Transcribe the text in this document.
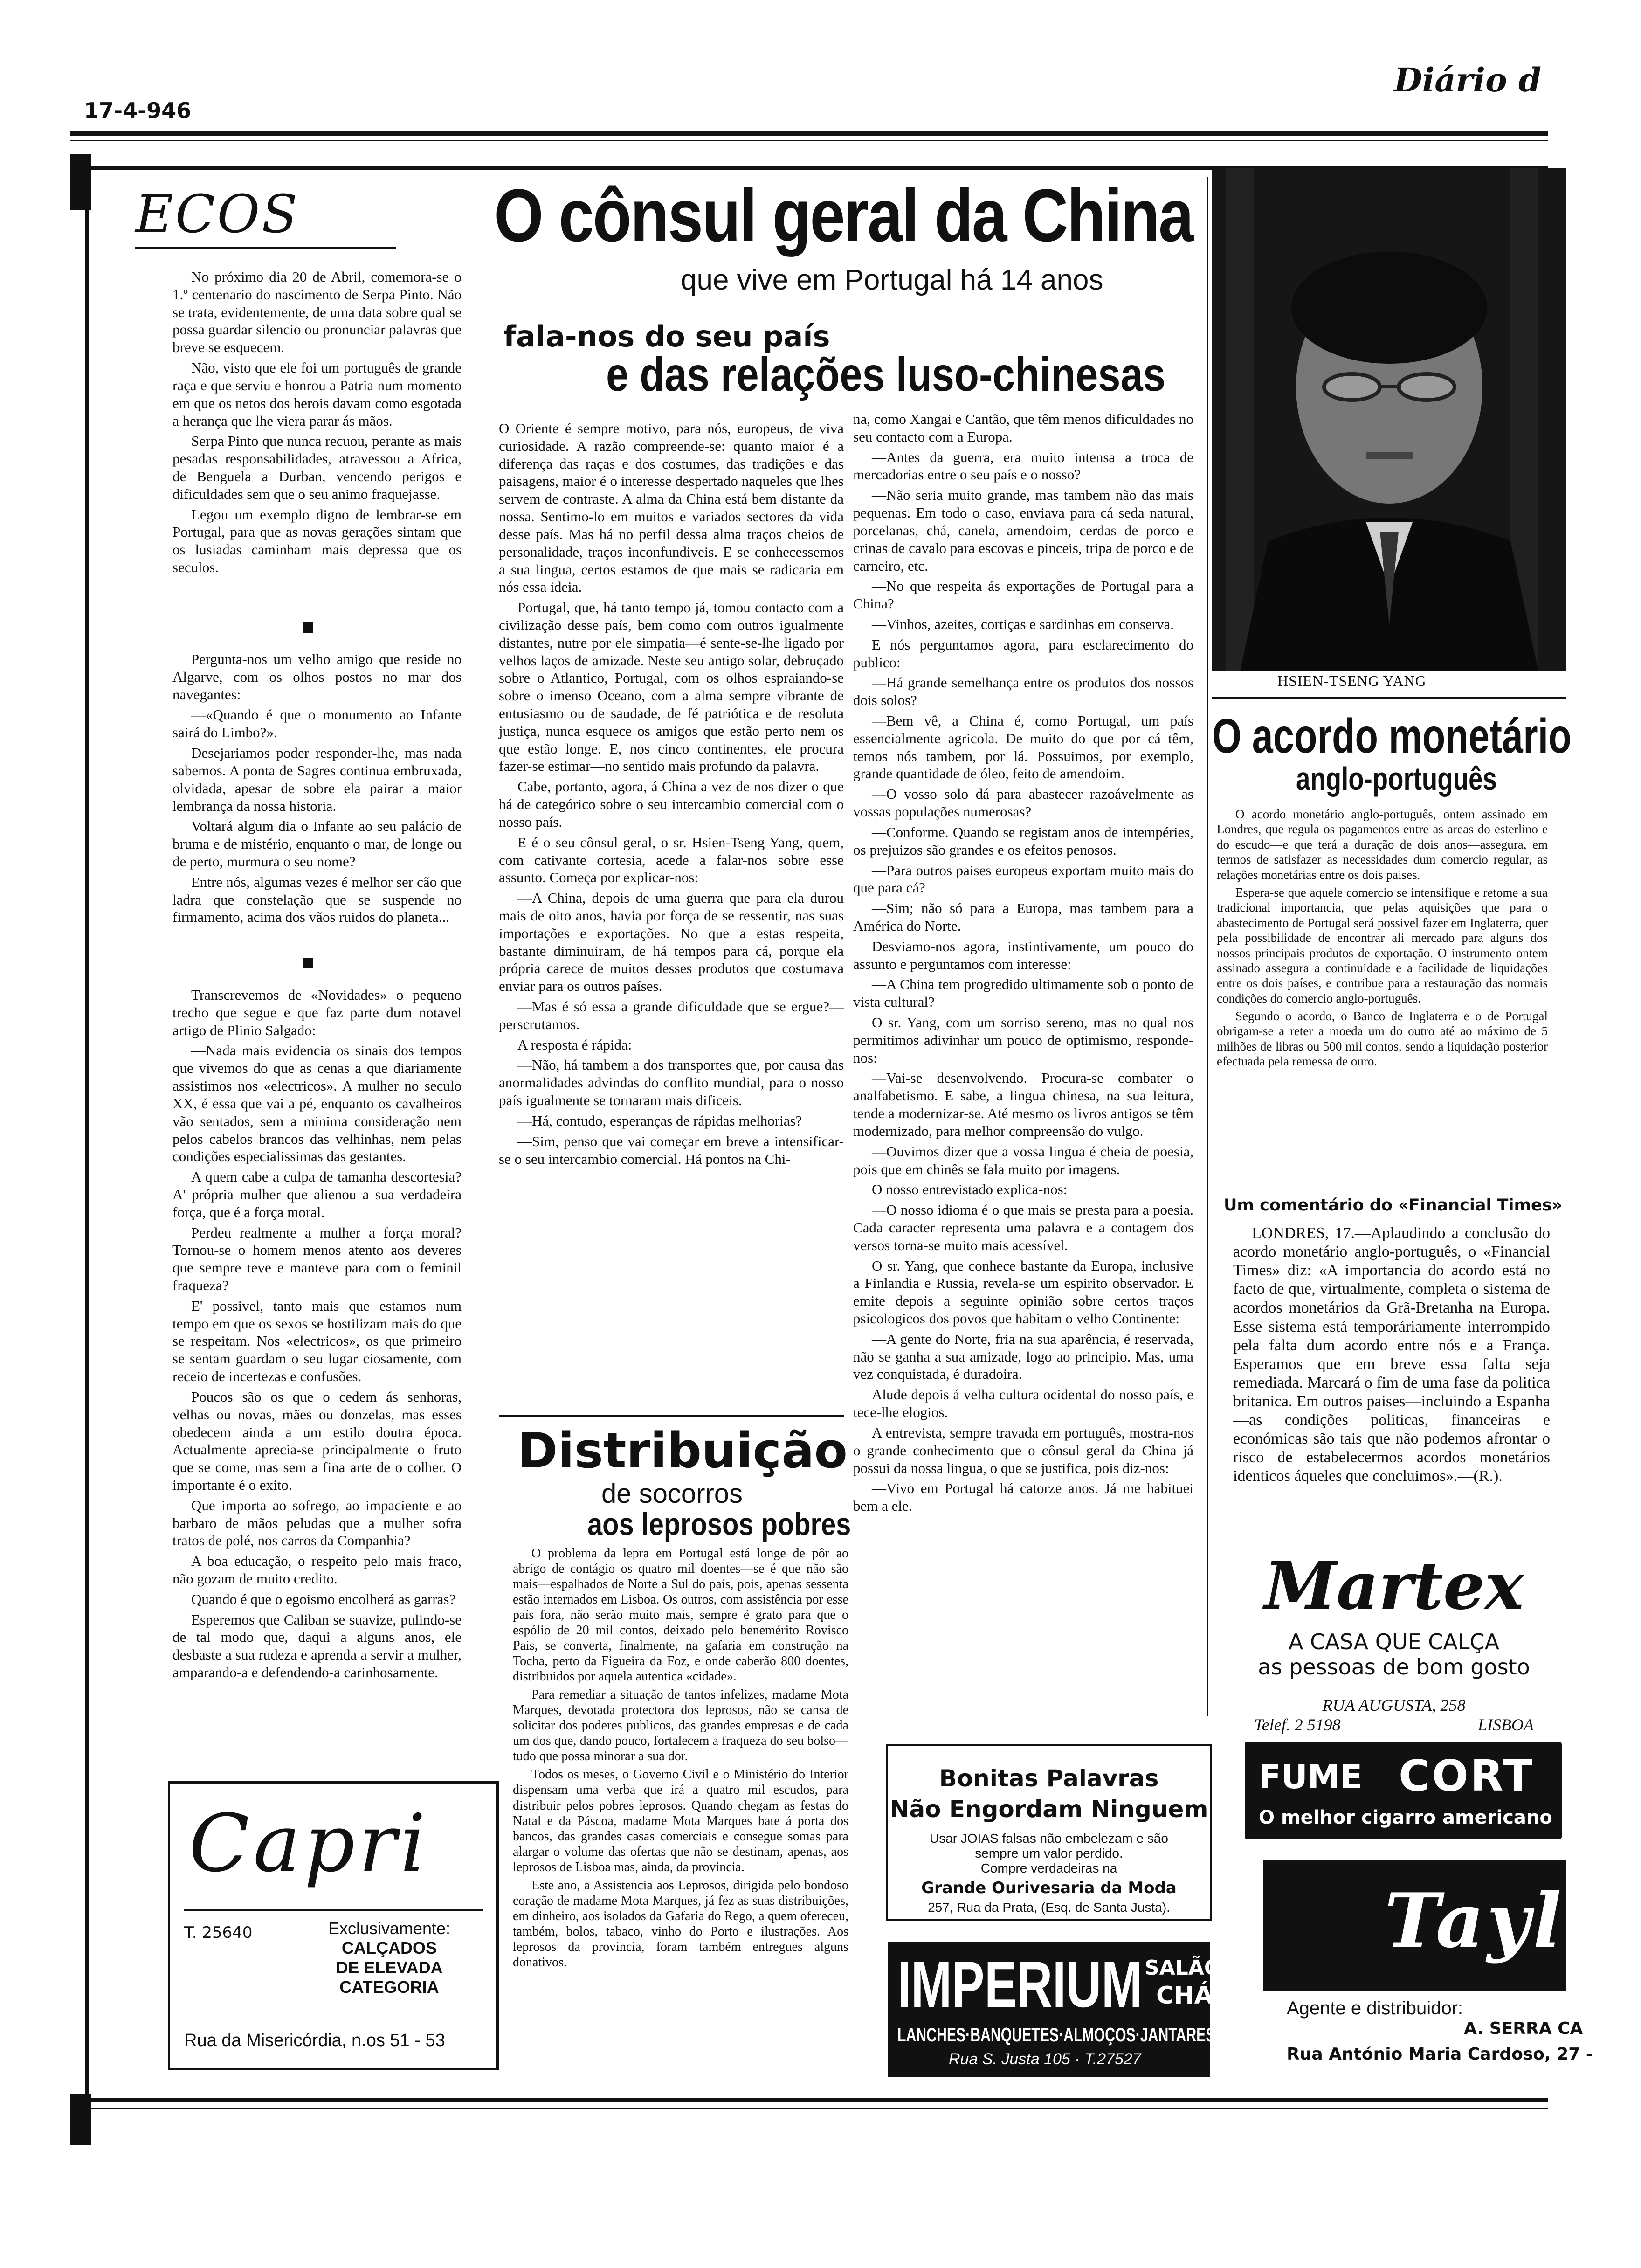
17-4-946
Diário d
ECOS

No próximo dia 20 de Abril, comemora-se o 1.º centenario do nascimento de Serpa Pinto. Não se trata, evidentemente, de uma data sobre qual se possa guardar silencio ou pronunciar palavras que breve se esquecem.

Não, visto que ele foi um português de grande raça e que serviu e honrou a Patria num momento em que os netos dos herois davam como esgotada a herança que lhe viera parar ás mãos.

Serpa Pinto que nunca recuou, perante as mais pesadas responsabilidades, atravessou a Africa, de Benguela a Durban, vencendo perigos e dificuldades sem que o seu animo fraquejasse.

Legou um exemplo digno de lembrar-se em Portugal, para que as novas gerações sintam que os lusiadas caminham mais depressa que os seculos.

Pergunta-nos um velho amigo que reside no Algarve, com os olhos postos no mar dos navegantes:

—«Quando é que o monumento ao Infante sairá do Limbo?».

Desejariamos poder responder-lhe, mas nada sabemos. A ponta de Sagres continua embruxada, olvidada, apesar de sobre ela pairar a maior lembrança da nossa historia.

Voltará algum dia o Infante ao seu palácio de bruma e de mistério, enquanto o mar, de longe ou de perto, murmura o seu nome?

Entre nós, algumas vezes é melhor ser cão que ladra que constelação que se suspende no firmamento, acima dos vãos ruidos do planeta...

Transcrevemos de «Novidades» o pequeno trecho que segue e que faz parte dum notavel artigo de Plinio Salgado:

—Nada mais evidencia os sinais dos tempos que vivemos do que as cenas a que diariamente assistimos nos «electricos». A mulher no seculo XX, é essa que vai a pé, enquanto os cavalheiros vão sentados, sem a minima consideração nem pelos cabelos brancos das velhinhas, nem pelas condições especialissimas das gestantes.

A quem cabe a culpa de tamanha descortesia? A' própria mulher que alienou a sua verdadeira força, que é a força moral.

Perdeu realmente a mulher a força moral? Tornou-se o homem menos atento aos deveres que sempre teve e manteve para com o feminil fraqueza?

E' possivel, tanto mais que estamos num tempo em que os sexos se hostilizam mais do que se respeitam. Nos «electricos», os que primeiro se sentam guardam o seu lugar ciosamente, com receio de incertezas e confusões.

Poucos são os que o cedem ás senhoras, velhas ou novas, mães ou donzelas, mas esses obedecem ainda a um estilo doutra época. Actualmente aprecia-se principalmente o fruto que se come, mas sem a fina arte de o colher. O importante é o exito.

Que importa ao sofrego, ao impaciente e ao barbaro de mãos peludas que a mulher sofra tratos de polé, nos carros da Companhia?

A boa educação, o respeito pelo mais fraco, não gozam de muito credito.

Quando é que o egoismo encolherá as garras?

Esperemos que Caliban se suavize, pulindo-se de tal modo que, daqui a alguns anos, ele desbaste a sua rudeza e aprenda a servir a mulher, amparando-a e defendendo-a carinhosamente.

Capri
T. 25640	Exclusivamente:
CALÇADOS
DE ELEVADA
CATEGORIA
Rua da Misericórdia, n.os 51 - 53
O cônsul geral da China
que vive em Portugal há 14 anos
fala-nos do seu país
e das relações luso-chinesas

O Oriente é sempre motivo, para nós, europeus, de viva curiosidade. A razão compreende-se: quanto maior é a diferença das raças e dos costumes, das tradições e das paisagens, maior é o interesse despertado naqueles que lhes servem de contraste. A alma da China está bem distante da nossa. Sentimo-lo em muitos e variados sectores da vida desse país. Mas há no perfil dessa alma traços cheios de personalidade, traços inconfundiveis. E se conhecessemos a sua lingua, certos estamos de que mais se radicaria em nós essa ideia.

Portugal, que, há tanto tempo já, tomou contacto com a civilização desse país, bem como com outros igualmente distantes, nutre por ele simpatia—é sente-se-lhe ligado por velhos laços de amizade. Neste seu antigo solar, debruçado sobre o Atlantico, Portugal, com os olhos espraiando-se sobre o imenso Oceano, com a alma sempre vibrante de entusiasmo ou de saudade, de fé patriótica e de resoluta justiça, nunca esquece os amigos que estão perto nem os que estão longe. E, nos cinco continentes, ele procura fazer-se estimar—no sentido mais profundo da palavra.

Cabe, portanto, agora, á China a vez de nos dizer o que há de categórico sobre o seu intercambio comercial com o nosso país.

E é o seu cônsul geral, o sr. Hsien-Tseng Yang, quem, com cativante cortesia, acede a falar-nos sobre esse assunto. Começa por explicar-nos:

—A China, depois de uma guerra que para ela durou mais de oito anos, havia por força de se ressentir, nas suas importações e exportações. No que a estas respeita, bastante diminuiram, de há tempos para cá, porque ela própria carece de muitos desses produtos que costumava enviar para os outros países.

—Mas é só essa a grande dificuldade que se ergue?—perscrutamos.

A resposta é rápida:

—Não, há tambem a dos transportes que, por causa das anormalidades advindas do conflito mundial, para o nosso país igualmente se tornaram mais dificeis.

—Há, contudo, esperanças de rápidas melhorias?

—Sim, penso que vai começar em breve a intensificar-se o seu intercambio comercial. Há pontos na Chi-

na, como Xangai e Cantão, que têm menos dificuldades no seu contacto com a Europa.

—Antes da guerra, era muito intensa a troca de mercadorias entre o seu país e o nosso?

—Não seria muito grande, mas tambem não das mais pequenas. Em todo o caso, enviava para cá seda natural, porcelanas, chá, canela, amendoim, cerdas de porco e crinas de cavalo para escovas e pinceis, tripa de porco e de carneiro, etc.

—No que respeita ás exportações de Portugal para a China?

—Vinhos, azeites, cortiças e sardinhas em conserva.

E nós perguntamos agora, para esclarecimento do publico:

—Há grande semelhança entre os produtos dos nossos dois solos?

—Bem vê, a China é, como Portugal, um país essencialmente agricola. De muito do que por cá têm, temos nós tambem, por lá. Possuimos, por exemplo, grande quantidade de óleo, feito de amendoim.

—O vosso solo dá para abastecer razoávelmente as vossas populações numerosas?

—Conforme. Quando se registam anos de intempéries, os prejuizos são grandes e os efeitos penosos.

—Para outros paises europeus exportam muito mais do que para cá?

—Sim; não só para a Europa, mas tambem para a América do Norte.

Desviamo-nos agora, instintivamente, um pouco do assunto e perguntamos com interesse:

—A China tem progredido ultimamente sob o ponto de vista cultural?

O sr. Yang, com um sorriso sereno, mas no qual nos permitimos adivinhar um pouco de optimismo, responde-nos:

—Vai-se desenvolvendo. Procura-se combater o analfabetismo. E sabe, a lingua chinesa, na sua leitura, tende a modernizar-se. Até mesmo os livros antigos se têm modernizado, para melhor compreensão do vulgo.

—Ouvimos dizer que a vossa lingua é cheia de poesia, pois que em chinês se fala muito por imagens.

O nosso entrevistado explica-nos:

—O nosso idioma é o que mais se presta para a poesia. Cada caracter representa uma palavra e a contagem dos versos torna-se muito mais acessível.

O sr. Yang, que conhece bastante da Europa, inclusive a Finlandia e Russia, revela-se um espirito observador. E emite depois a seguinte opinião sobre certos traços psicologicos dos povos que habitam o velho Continente:

—A gente do Norte, fria na sua aparência, é reservada, não se ganha a sua amizade, logo ao principio. Mas, uma vez conquistada, é duradoira.

Alude depois á velha cultura ocidental do nosso país, e tece-lhe elogios.

A entrevista, sempre travada em português, mostra-nos o grande conhecimento que o cônsul geral da China já possui da nossa lingua, o que se justifica, pois diz-nos:

—Vivo em Portugal há catorze anos. Já me habituei bem a ele.

Distribuição
de socorros
aos leprosos pobres

O problema da lepra em Portugal está longe de pôr ao abrigo de contágio os quatro mil doentes—se é que não são mais—espalhados de Norte a Sul do país, pois, apenas sessenta estão internados em Lisboa. Os outros, com assistência por esse país fora, não serão muito mais, sempre é grato para que o espólio de 20 mil contos, deixado pelo benemérito Rovisco Pais, se converta, finalmente, na gafaria em construção na Tocha, perto da Figueira da Foz, e onde caberão 800 doentes, distribuidos por aquela autentica «cidade».

Para remediar a situação de tantos infelizes, madame Mota Marques, devotada protectora dos leprosos, não se cansa de solicitar dos poderes publicos, das grandes empresas e de cada um dos que, dando pouco, fortalecem a fraqueza do seu bolso—tudo que possa minorar a sua dor.

Todos os meses, o Governo Civil e o Ministério do Interior dispensam uma verba que irá a quatro mil escudos, para distribuir pelos pobres leprosos. Quando chegam as festas do Natal e da Páscoa, madame Mota Marques bate á porta dos bancos, das grandes casas comerciais e consegue somas para alargar o volume das ofertas que não se destinam, apenas, aos leprosos de Lisboa mas, ainda, da provincia.

Este ano, a Assistencia aos Leprosos, dirigida pelo bondoso coração de madame Mota Marques, já fez as suas distribuições, em dinheiro, aos isolados da Gafaria do Rego, a quem ofereceu, também, bolos, tabaco, vinho do Porto e ilustrações. Aos leprosos da provincia, foram também entregues alguns donativos.

Bonitas Palavras
Não Engordam Ninguem
Usar JOIAS falsas não embelezam e são
sempre um valor perdido.
Compre verdadeiras na
Grande Ourivesaria da Moda
257, Rua da Prata, (Esq. de Santa Justa).
IMPERIUM SALÃO
CHÁ
LANCHES·BANQUETES·ALMOÇOS·JANTARES
Rua S. Justa 105 · T.27527
HSIEN-TSENG YANG
O acordo monetário
anglo-português

O acordo monetário anglo-português, ontem assinado em Londres, que regula os pagamentos entre as areas do esterlino e do escudo—e que terá a duração de dois anos—assegura, em termos de satisfazer as necessidades dum comercio regular, as relações monetárias entre os dois paises.

Espera-se que aquele comercio se intensifique e retome a sua tradicional importancia, que pelas aquisições que para o abastecimento de Portugal será possivel fazer em Inglaterra, quer pela possibilidade de encontrar ali mercado para alguns dos nossos principais produtos de exportação. O instrumento ontem assinado assegura a continuidade e a facilidade de liquidações entre os dois países, e contribue para a restauração das normais condições do comercio anglo-português.

Segundo o acordo, o Banco de Inglaterra e o de Portugal obrigam-se a reter a moeda um do outro até ao máximo de 5 milhões de libras ou 500 mil contos, sendo a liquidação posterior efectuada pela remessa de ouro.

Um comentário do «Financial Times»

LONDRES, 17.—Aplaudindo a conclusão do acordo monetário anglo-português, o «Financial Times» diz: «A importancia do acordo está no facto de que, virtualmente, completa o sistema de acordos monetários da Grã-Bretanha na Europa. Esse sistema está temporáriamente interrompido pela falta dum acordo entre nós e a França. Esperamos que em breve essa falta seja remediada. Marcará o fim de uma fase da politica britanica. Em outros paises—incluindo a Espanha—as condições politicas, financeiras e económicas são tais que não podemos afrontar o risco de estabelecermos acordos monetários identicos áqueles que concluimos».—(R.).

Martex
A CASA QUE CALÇA
as pessoas de bom gosto
RUA AUGUSTA, 258
Telef. 2 5198	LISBOA
FUME CORT
O melhor cigarro americano
Taylo
Agente e distribuidor:
A. SERRA CA
Rua António Maria Cardoso, 27 -
